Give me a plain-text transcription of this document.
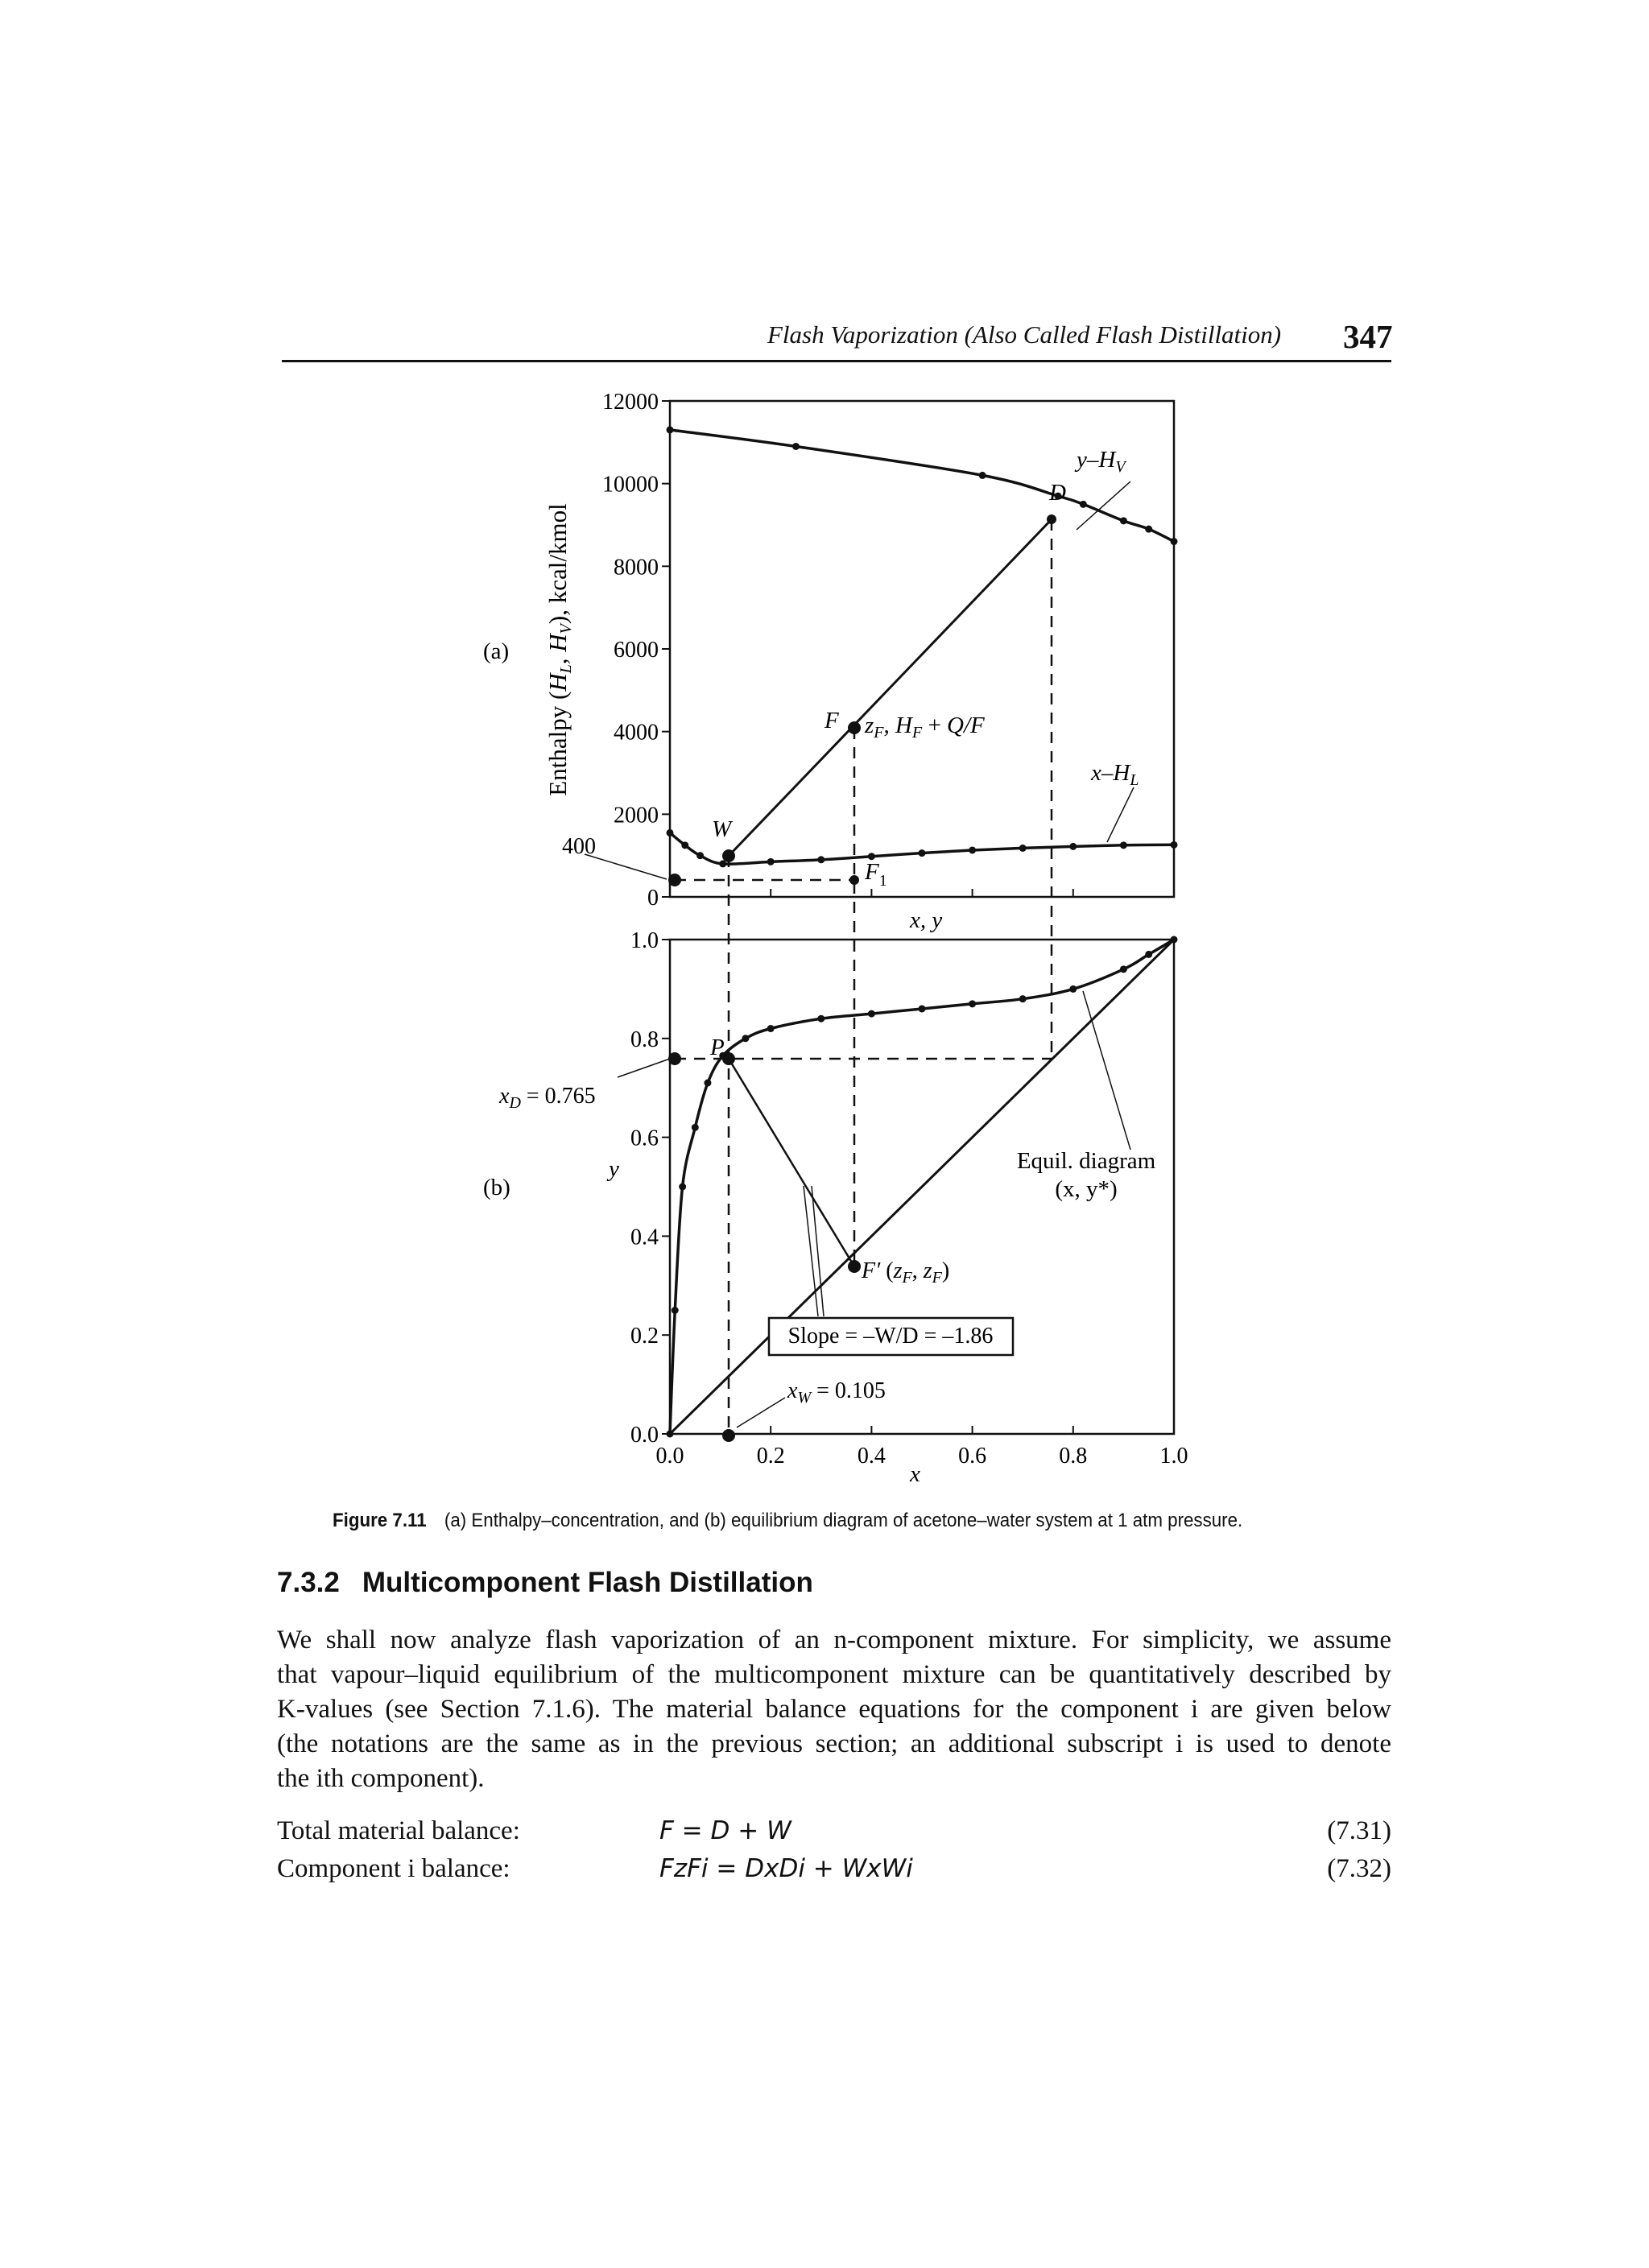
Flash Vaporization (Also Called Flash Distillation) 347
0
2000
4000
6000
8000
10000
12000
0.0
0.2
0.4
0.6
0.8
1.0
0.0	0.2	0.4	0.6	0.8	1.0
(a)
(b)
Enthalpy (HL, HV), kcal/kmol
y
x, y
x
400
$y-H_V$
$x-H_L$
D
W
F $z_F$, $H_F + Q/F$
$F_1$
P
$x_D = 0.765$
F′ ($z_F$, $z_F$)
$x_W = 0.105$
Slope = –W/D = –1.86
Equil. diagram
(x, y*)
Figure 7.11 (a) Enthalpy–concentration, and (b) equilibrium diagram of acetone–water system at 1 atm pressure.
7.3.2 Multicomponent Flash Distillation
We shall now analyze flash vaporization of an n-component mixture. For simplicity, we assume
that vapour–liquid equilibrium of the multicomponent mixture can be quantitatively described by
K-values (see Section 7.1.6). The material balance equations for the component i are given below
(the notations are the same as in the previous section; an additional subscript i is used to denote
the ith component).
Total material balance:	F = D + W	(7.31)
Component i balance:	FzFi = DxDi + WxWi	(7.32)
